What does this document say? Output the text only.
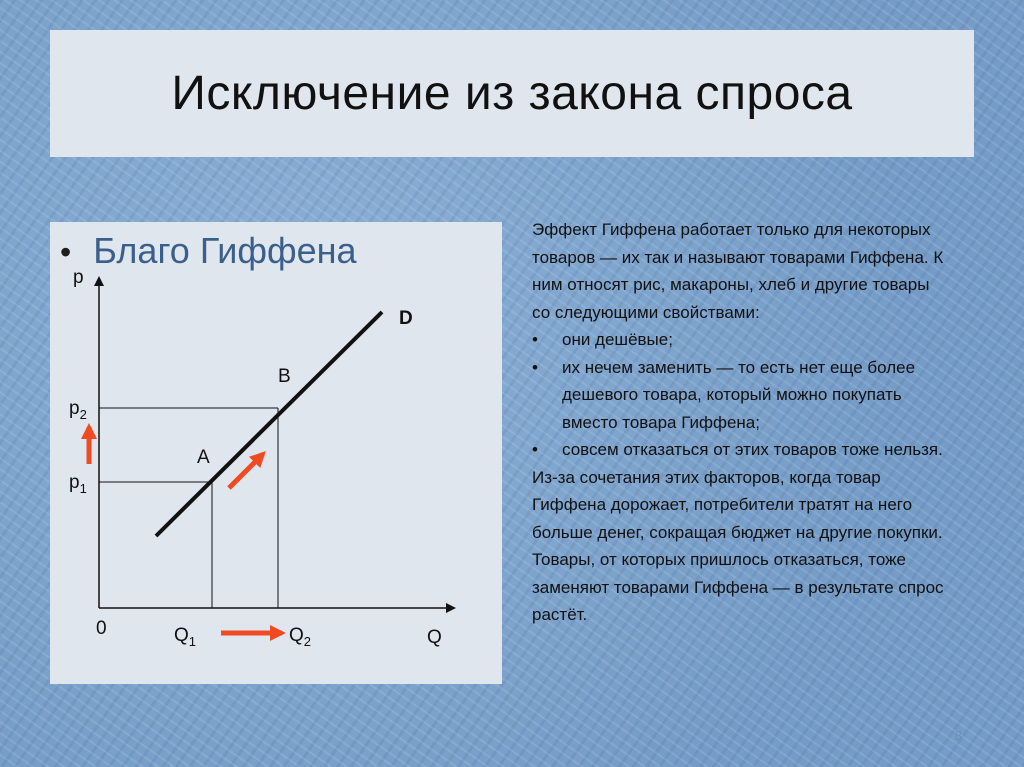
Исключение из закона спроса
• Благо Гиффена
p
Q
0
D
A
B
$p_2$
$p_1$
$Q_1$	$Q_2$

Эффект Гиффена работает только для некоторых товаров — их так и называют товарами Гиффена. К ним относят рис, макароны, хлеб и другие товары со следующими свойствами:

• они дешёвые;
• их нечем заменить — то есть нет еще более дешевого товара, который можно покупать вместо товара Гиффена;
• совсем отказаться от этих товаров тоже нельзя.

Из-за сочетания этих факторов, когда товар Гиффена дорожает, потребители тратят на него больше денег, сокращая бюджет на другие покупки. Товары, от которых пришлось отказаться, тоже заменяют товарами Гиффена — в результате спрос растёт.

8
